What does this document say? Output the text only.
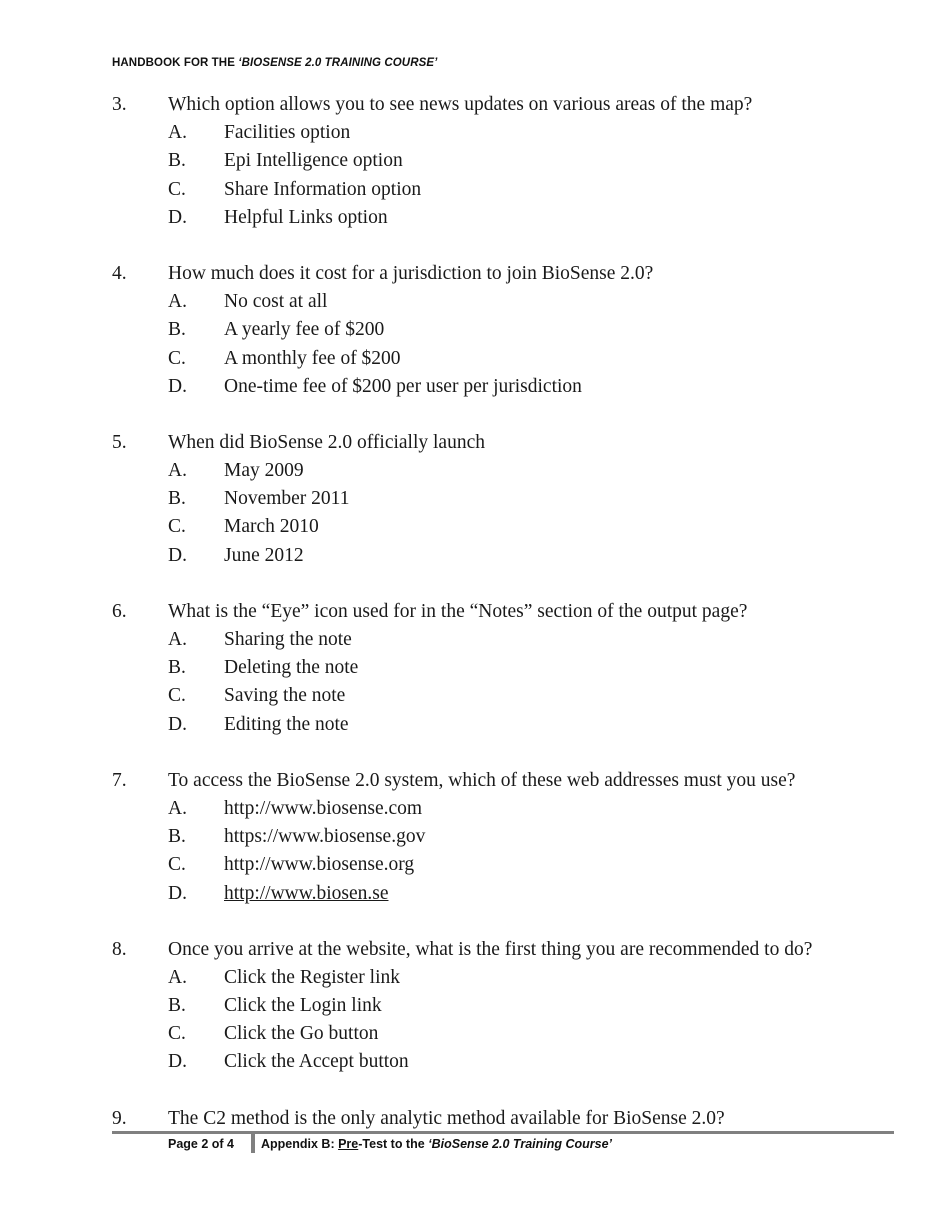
HANDBOOK FOR THE ‘BIOSENSE 2.0 TRAINING COURSE’
3. Which option allows you to see news updates on various areas of the map?
A. Facilities option
B. Epi Intelligence option
C. Share Information option
D. Helpful Links option
4. How much does it cost for a jurisdiction to join BioSense 2.0?
A. No cost at all
B. A yearly fee of $200
C. A monthly fee of $200
D. One-time fee of $200 per user per jurisdiction
5. When did BioSense 2.0 officially launch
A. May 2009
B. November 2011
C. March 2010
D. June 2012
6. What is the “Eye” icon used for in the “Notes” section of the output page?
A. Sharing the note
B. Deleting the note
C. Saving the note
D. Editing the note
7. To access the BioSense 2.0 system, which of these web addresses must you use?
A. http://www.biosense.com
B. https://www.biosense.gov
C. http://www.biosense.org
D. http://www.biosen.se
8. Once you arrive at the website, what is the first thing you are recommended to do?
A. Click the Register link
B. Click the Login link
C. Click the Go button
D. Click the Accept button
9. The C2 method is the only analytic method available for BioSense 2.0?
Page 2 of 4 Appendix B: Pre-Test to the ‘BioSense 2.0 Training Course’
